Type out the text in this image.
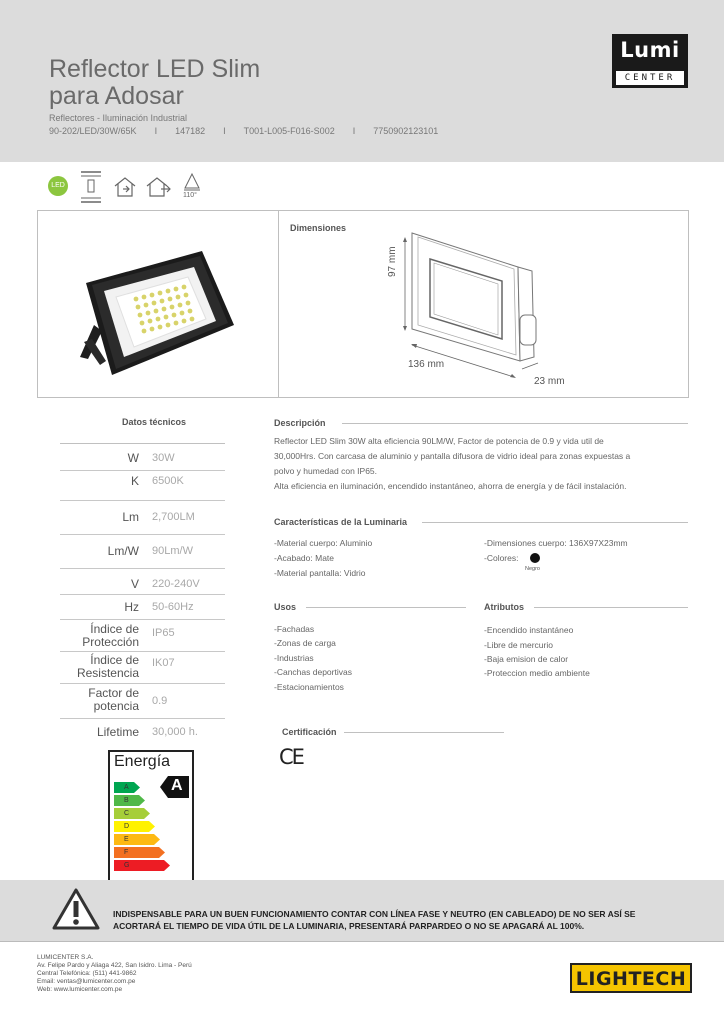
Reflector LED Slim
para Adosar
Reflectores - Iluminación Industrial
90-202/LED/30W/65K I 147182 I T001-L005-F016-S002 I 7750902123101
Lumi
CENTER
LED
110°
Dimensiones
97 mm
136 mm
23 mm
Datos técnicos
W 30W
K 6500K
Lm 2,700LM
Lm/W 90Lm/W
V 220-240V
Hz 50-60Hz
Índice de
Protección
IP65
Índice de
Resistencia
IK07
Factor de
potencia 0.9
Lifetime 30,000 h.
Descripción
Reflector LED Slim 30W alta eficiencia 90LM/W, Factor de potencia de 0.9 y vida util de
30,000Hrs. Con carcasa de aluminio y pantalla difusora de vidrio ideal para zonas expuestas a
polvo y humedad con IP65.
Alta eficiencia en iluminación, encendido instantáneo, ahorra de energía y de fácil instalación.
Características de la Luminaria
-Material cuerpo: Aluminio
-Acabado: Mate
-Material pantalla: Vidrio
-Dimensiones cuerpo: 136X97X23mm
-Colores:
Negro
Usos
-Fachadas
-Zonas de carga
-Industrias
-Canchas deportivas
-Estacionamientos
Atributos
-Encendido instantáneo
-Libre de mercurio
-Baja emision de calor
-Proteccion medio ambiente
Certificación
CE
Energía
A
A
B
C
D
E
F
G
INDISPENSABLE PARA UN BUEN FUNCIONAMIENTO CONTAR CON LÍNEA FASE Y NEUTRO (EN CABLEADO) DE NO SER ASÍ SE
ACORTARÁ EL TIEMPO DE VIDA ÚTIL DE LA LUMINARIA, PRESENTARÁ PARPARDEO O NO SE APAGARÁ AL 100%.
LUMICENTER S.A.
Av. Felipe Pardo y Aliaga 422, San Isidro. Lima - Perú
Central Telefónica: (511) 441-9862
Email: ventas@lumicenter.com.pe
Web: www.lumicenter.com.pe	LIGHTECH
